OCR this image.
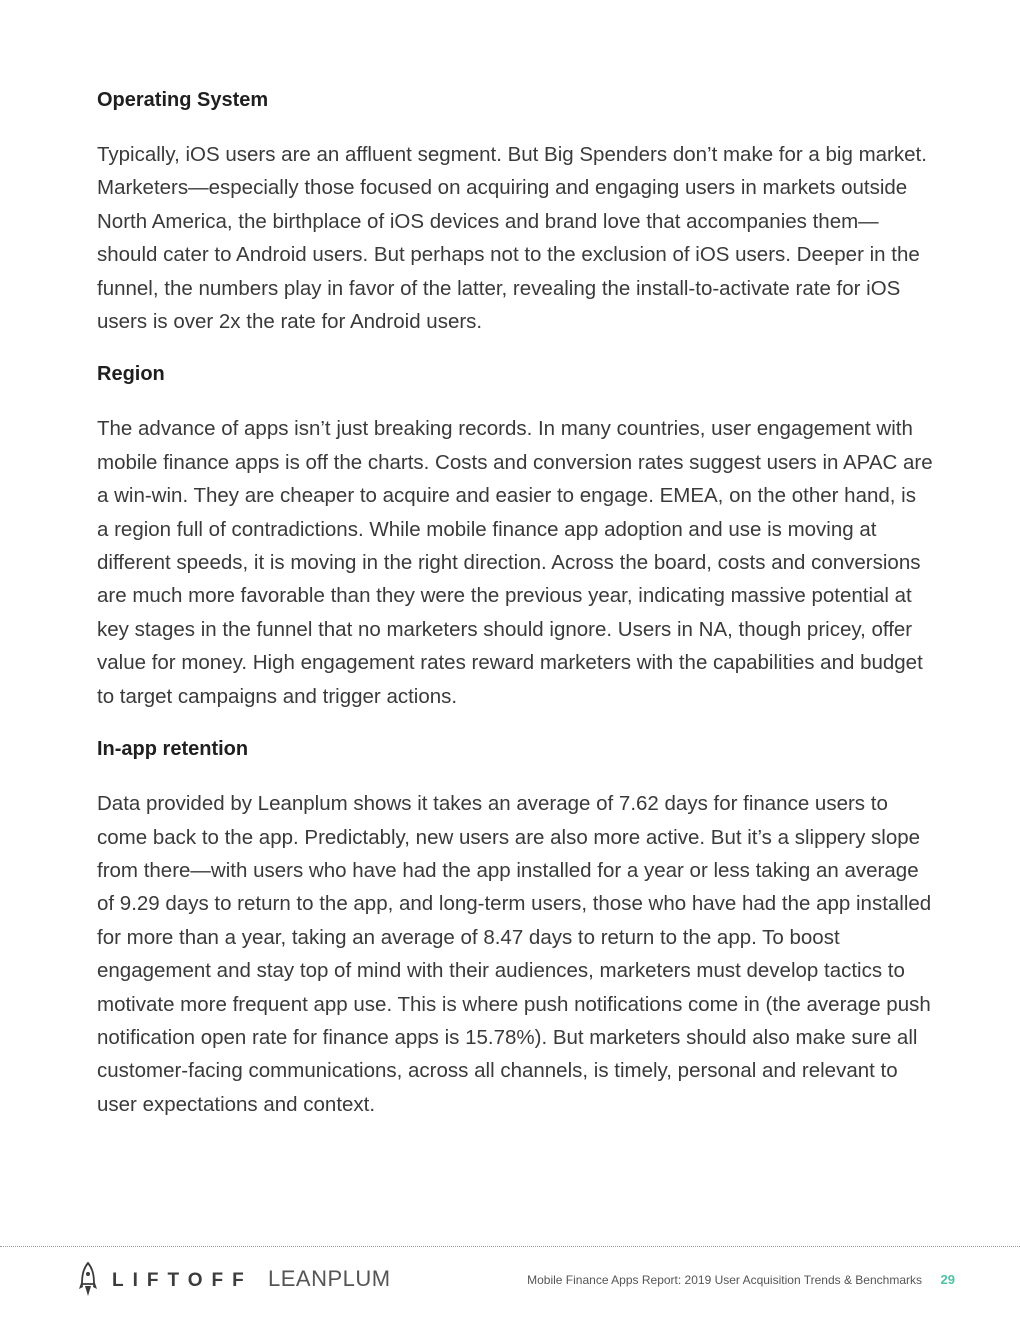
Operating System

Typically, iOS users are an affluent segment. But Big Spenders don’t make for a big market. Marketers—especially those focused on acquiring and engaging users in markets outside North America, the birthplace of iOS devices and brand love that accompanies them—should cater to Android users. But perhaps not to the exclusion of iOS users. Deeper in the funnel, the numbers play in favor of the latter, revealing the install-to-activate rate for iOS users is over 2x the rate for Android users.

Region

The advance of apps isn’t just breaking records. In many countries, user engagement with mobile finance apps is off the charts. Costs and conversion rates suggest users in APAC are a win-win. They are cheaper to acquire and easier to engage. EMEA, on the other hand, is a region full of contradictions. While mobile finance app adoption and use is moving at different speeds, it is moving in the right direction. Across the board, costs and conversions are much more favorable than they were the previous year, indicating massive potential at key stages in the funnel that no marketers should ignore. Users in NA, though pricey, offer value for money. High engagement rates reward marketers with the capabilities and budget to target campaigns and trigger actions.

In-app retention

Data provided by Leanplum shows it takes an average of 7.62 days for finance users to come back to the app. Predictably, new users are also more active. But it’s a slippery slope from there—with users who have had the app installed for a year or less taking an average of 9.29 days to return to the app, and long-term users, those who have had the app installed for more than a year, taking an average of 8.47 days to return to the app. To boost engagement and stay top of mind with their audiences, marketers must develop tactics to motivate more frequent app use. This is where push notifications come in (the average push notification open rate for finance apps is 15.78%). But marketers should also make sure all customer-facing communications, across all channels, is timely, personal and relevant to user expectations and context.

LIFTOFF LEANPLUM	Mobile Finance Apps Report: 2019 User Acquisition Trends & Benchmarks 29
